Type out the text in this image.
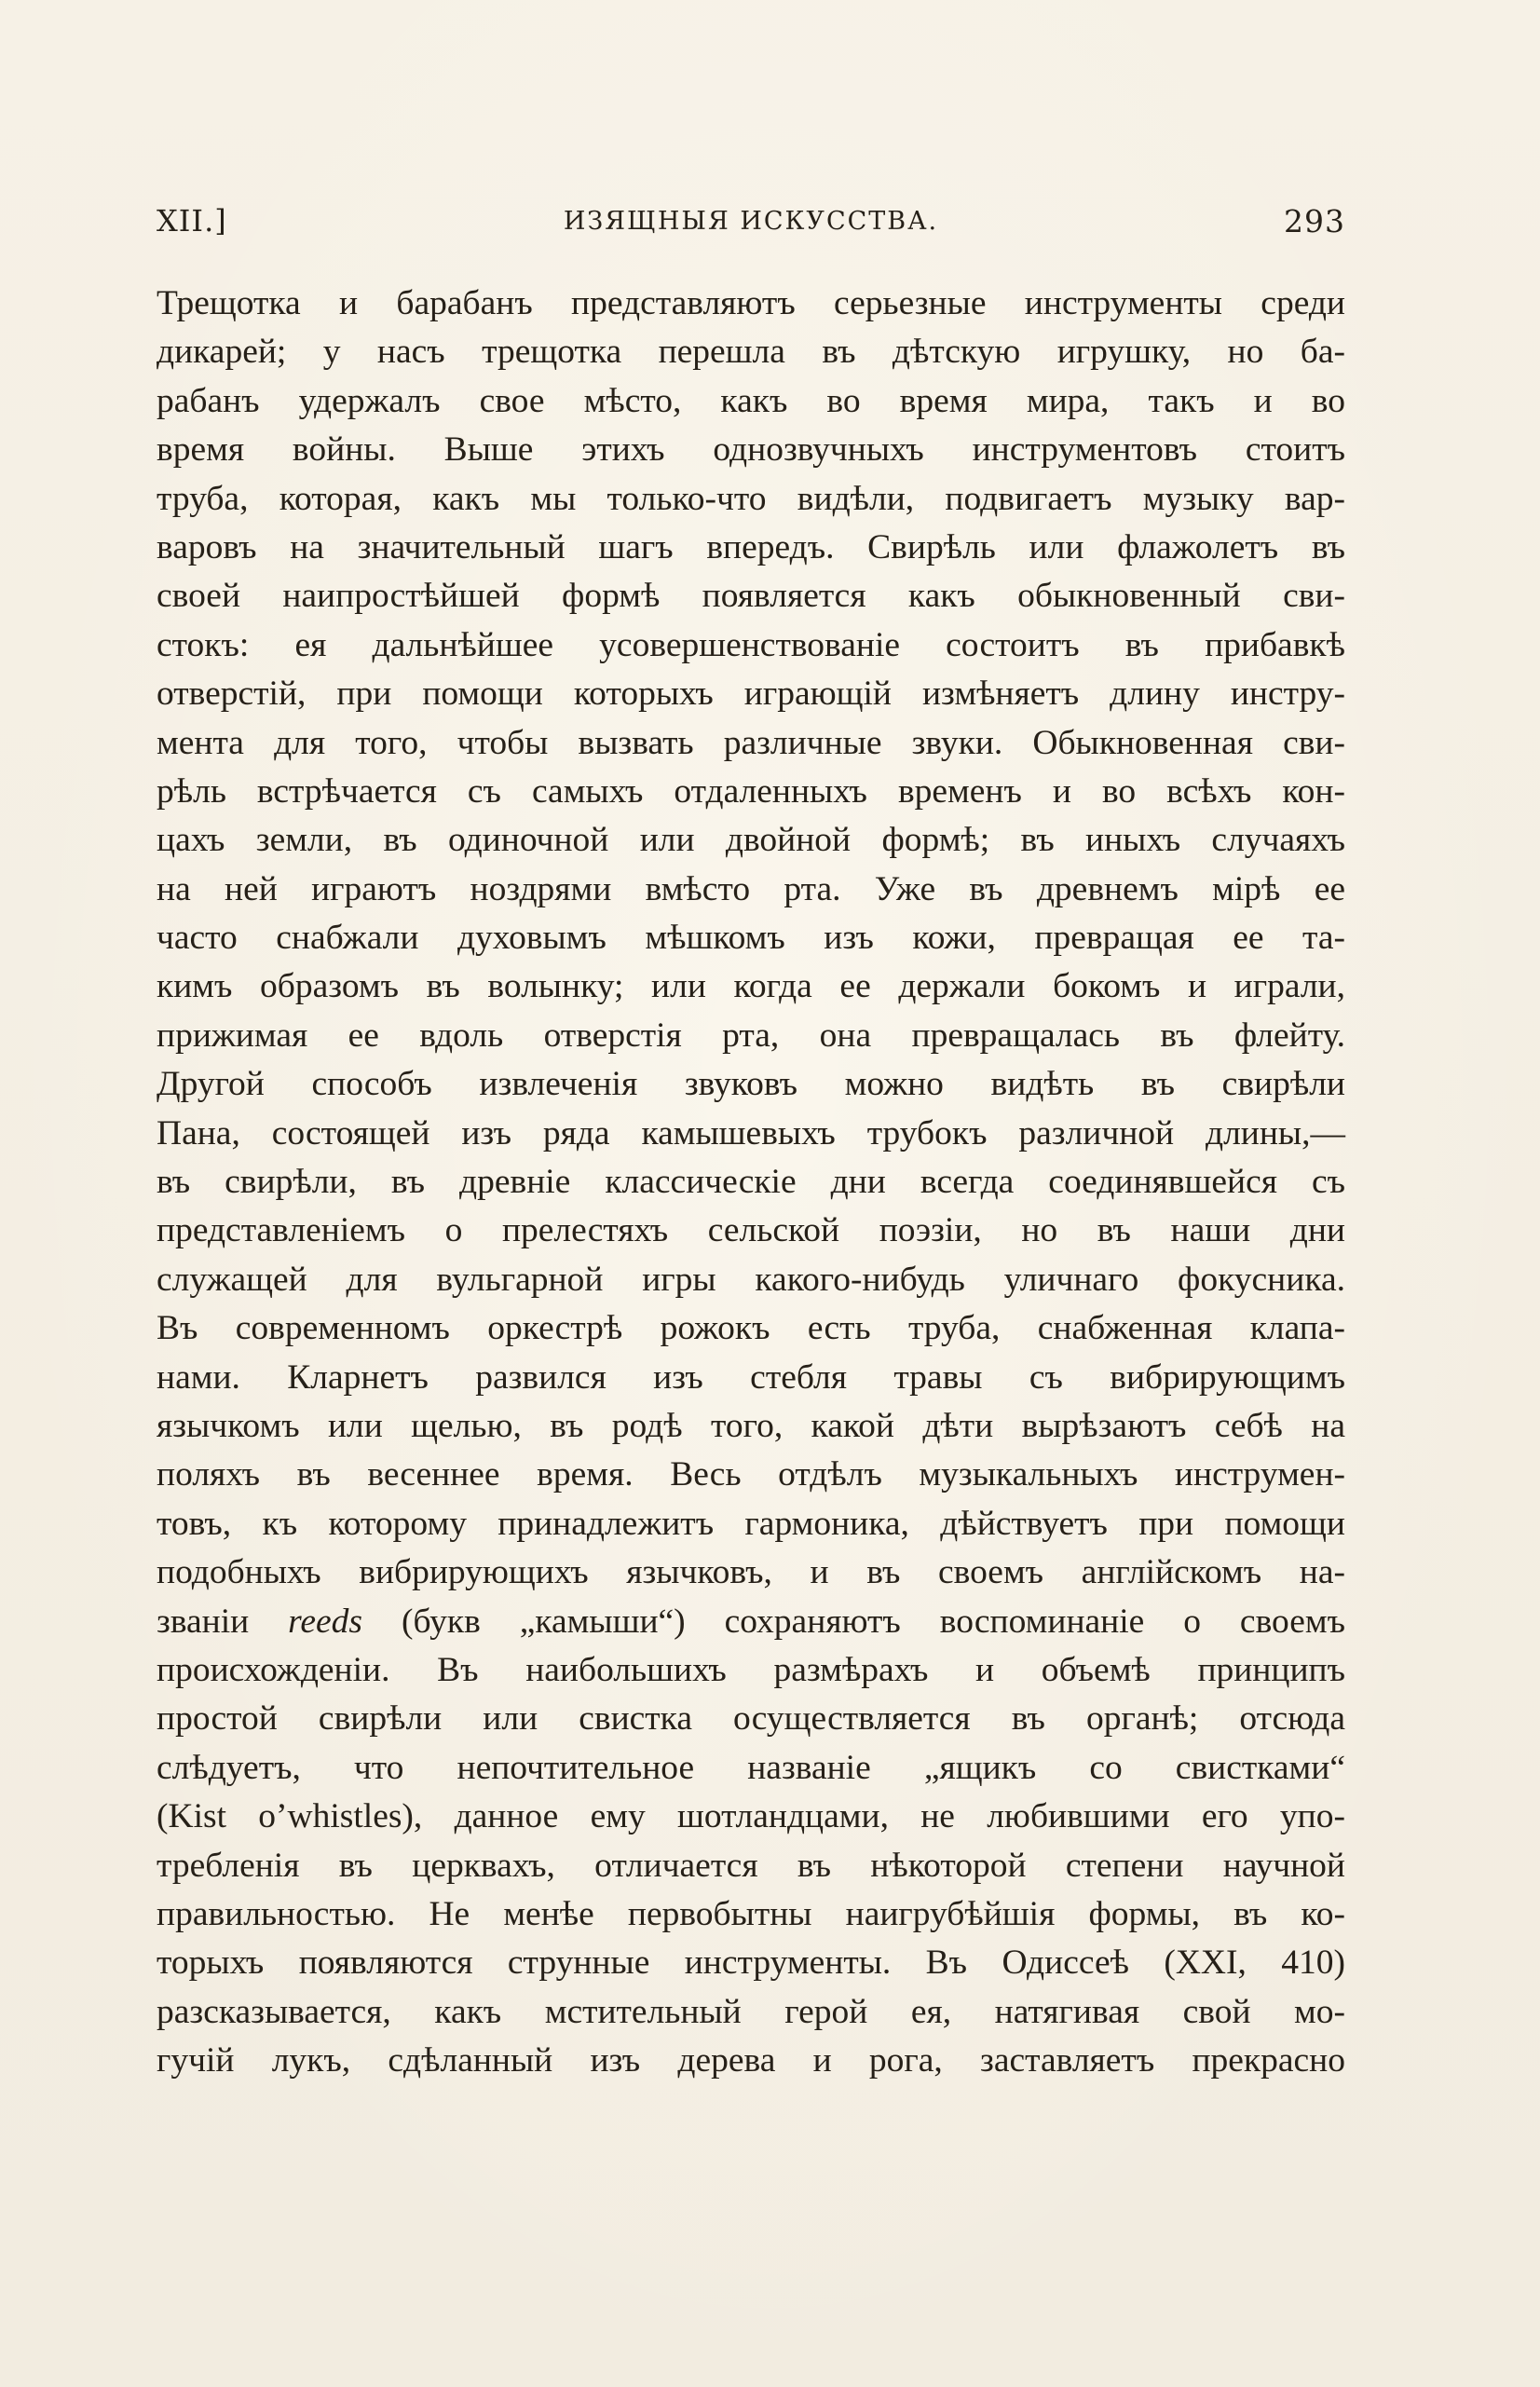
XII.]	ИЗЯЩНЫЯ ИСКУССТВА.	293
Трещотка и барабанъ представляютъ серьезные инструменты среди
дикарей; у насъ трещотка перешла въ дѣтскую игрушку, но ба-
рабанъ удержалъ свое мѣсто, какъ во время мира, такъ и во
время войны. Выше этихъ однозвучныхъ инструментовъ стоитъ
труба, которая, какъ мы только-что видѣли, подвигаетъ музыку вар-
варовъ на значительный шагъ впередъ. Свирѣль или флажолетъ въ
своей наипростѣйшей формѣ появляется какъ обыкновенный сви-
стокъ: ея дальнѣйшее усовершенствованіе состоитъ въ прибавкѣ
отверстій, при помощи которыхъ играющій измѣняетъ длину инстру-
мента для того, чтобы вызвать различные звуки. Обыкновенная сви-
рѣль встрѣчается съ самыхъ отдаленныхъ временъ и во всѣхъ кон-
цахъ земли, въ одиночной или двойной формѣ; въ иныхъ случаяхъ
на ней играютъ ноздрями вмѣсто рта. Уже въ древнемъ мірѣ ее
часто снабжали духовымъ мѣшкомъ изъ кожи, превращая ее та-
кимъ образомъ въ волынку; или когда ее держали бокомъ и играли,
прижимая ее вдоль отверстія рта, она превращалась въ флейту.
Другой способъ извлеченія звуковъ можно видѣть въ свирѣли
Пана, состоящей изъ ряда камышевыхъ трубокъ различной длины,—
въ свирѣли, въ древніе классическіе дни всегда соединявшейся съ
представленіемъ о прелестяхъ сельской поэзіи, но въ наши дни
служащей для вульгарной игры какого-нибудь уличнаго фокусника.
Въ современномъ оркестрѣ рожокъ есть труба, снабженная клапа-
нами. Кларнетъ развился изъ стебля травы съ вибрирующимъ
язычкомъ или щелью, въ родѣ того, какой дѣти вырѣзаютъ себѣ на
поляхъ въ весеннее время. Весь отдѣлъ музыкальныхъ инструмен-
товъ, къ которому принадлежитъ гармоника, дѣйствуетъ при помощи
подобныхъ вибрирующихъ язычковъ, и въ своемъ англійскомъ на-
званіи reeds (букв „камыши“) сохраняютъ воспоминаніе о своемъ
происхожденіи. Въ наибольшихъ размѣрахъ и объемѣ принципъ
простой свирѣли или свистка осуществляется въ органѣ; отсюда
слѣдуетъ, что непочтительное названіе „ящикъ со свистками“
(Kist o’whistles), данное ему шотландцами, не любившими его упо-
требленія въ церквахъ, отличается въ нѣкоторой степени научной
правильностью. Не менѣе первобытны наигрубѣйшія формы, въ ко-
торыхъ появляются струнные инструменты. Въ Одиссеѣ (XXI, 410)
разсказывается, какъ мстительный герой ея, натягивая свой мо-
гучій лукъ, сдѣланный изъ дерева и рога, заставляетъ прекрасно
